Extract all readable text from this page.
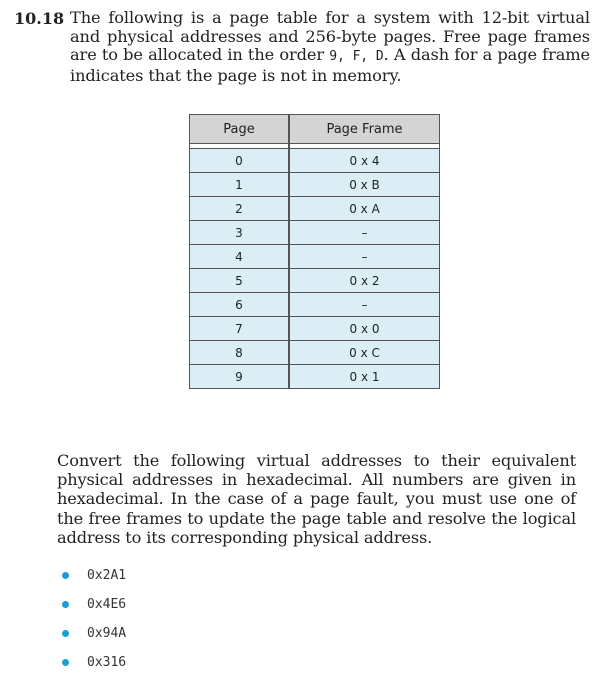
10.18 The following is a page table for a system with 12-bit virtual and physical addresses and 256-byte pages. Free page frames are to be allocated in the order 9, F, D. A dash for a page frame indicates that the page is not in memory.
Page	Page Frame

0	0 x 4
1	0 x B
2	0 x A
3	–
4	–
5	0 x 2
6	–
7	0 x 0
8	0 x C
9	0 x 1
Convert the following virtual addresses to their equivalent physical addresses in hexadecimal. All numbers are given in hexadecimal. In the case of a page fault, you must use one of the free frames to update the page table and resolve the logical address to its corresponding physical address.
0x2A1
0x4E6
0x94A
0x316
